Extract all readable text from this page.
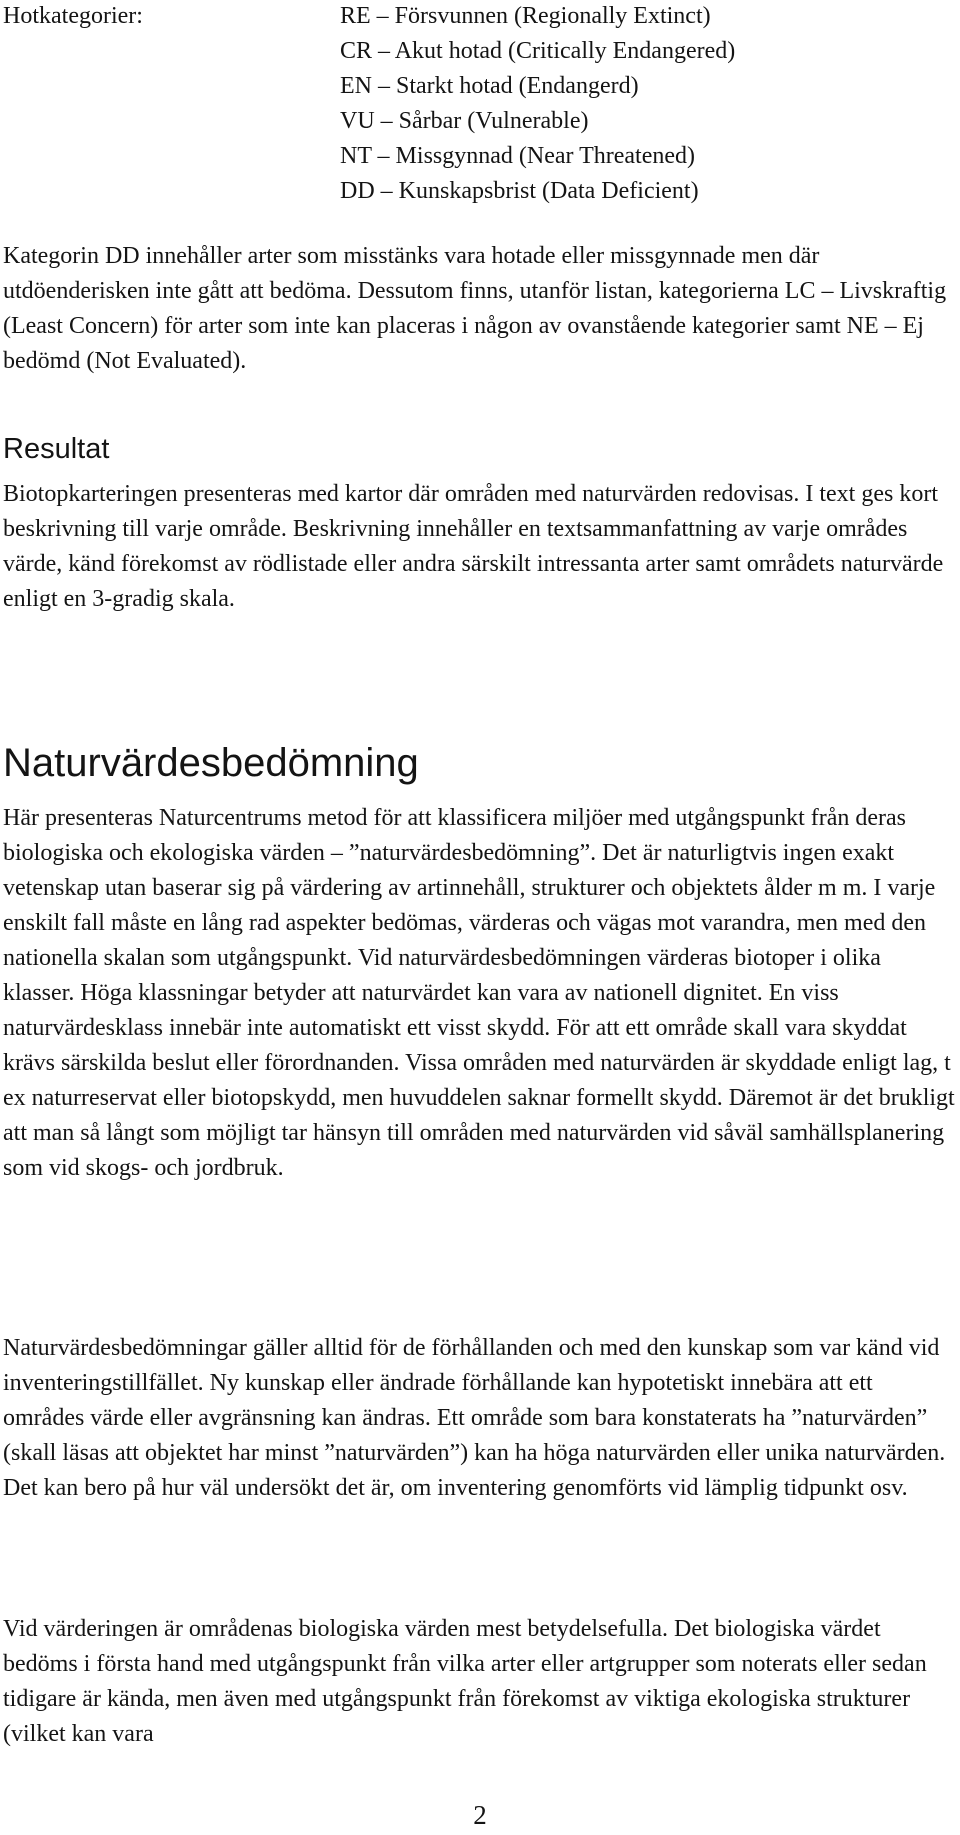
Hotkategorier:	RE – Försvunnen (Regionally Extinct)
CR – Akut hotad (Critically Endangered)
EN – Starkt hotad (Endangerd)
VU – Sårbar (Vulnerable)
NT – Missgynnad (Near Threatened)
DD – Kunskapsbrist (Data Deficient)

Kategorin DD innehåller arter som misstänks vara hotade eller missgynnade men där utdöenderisken inte gått att bedöma. Dessutom finns, utanför listan, kategorierna LC – Livskraftig (Least Concern) för arter som inte kan placeras i någon av ovanstående kategorier samt NE – Ej bedömd (Not Evaluated).

Resultat

Biotopkarteringen presenteras med kartor där områden med naturvärden redovisas. I text ges kort beskrivning till varje område. Beskrivning innehåller en textsammanfattning av varje områdes värde, känd förekomst av rödlistade eller andra särskilt intressanta arter samt områdets naturvärde enligt en 3-gradig skala.

Naturvärdesbedömning

Här presenteras Naturcentrums metod för att klassificera miljöer med utgångspunkt från deras biologiska och ekologiska värden – ”naturvärdesbedömning”. Det är naturligtvis ingen exakt vetenskap utan baserar sig på värdering av artinnehåll, strukturer och objektets ålder m m. I varje enskilt fall måste en lång rad aspekter bedömas, värderas och vägas mot varandra, men med den nationella skalan som utgångspunkt. Vid naturvärdesbedömningen värderas biotoper i olika klasser. Höga klassningar betyder att naturvärdet kan vara av nationell dignitet. En viss naturvärdesklass innebär inte automatiskt ett visst skydd. För att ett område skall vara skyddat krävs särskilda beslut eller förordnanden. Vissa områden med naturvärden är skyddade enligt lag, t ex naturreservat eller biotopskydd, men huvuddelen saknar formellt skydd. Däremot är det brukligt att man så långt som möjligt tar hänsyn till områden med naturvärden vid såväl samhällsplanering som vid skogs- och jordbruk.

Naturvärdesbedömningar gäller alltid för de förhållanden och med den kunskap som var känd vid inventeringstillfället. Ny kunskap eller ändrade förhållande kan hypotetiskt innebära att ett områdes värde eller avgränsning kan ändras. Ett område som bara konstaterats ha ”naturvärden” (skall läsas att objektet har minst ”naturvärden”) kan ha höga naturvärden eller unika naturvärden. Det kan bero på hur väl undersökt det är, om inventering genomförts vid lämplig tidpunkt osv.

Vid värderingen är områdenas biologiska värden mest betydelsefulla. Det biologiska värdet bedöms i första hand med utgångspunkt från vilka arter eller artgrupper som noterats eller sedan tidigare är kända, men även med utgångspunkt från förekomst av viktiga ekologiska strukturer (vilket kan vara

2
